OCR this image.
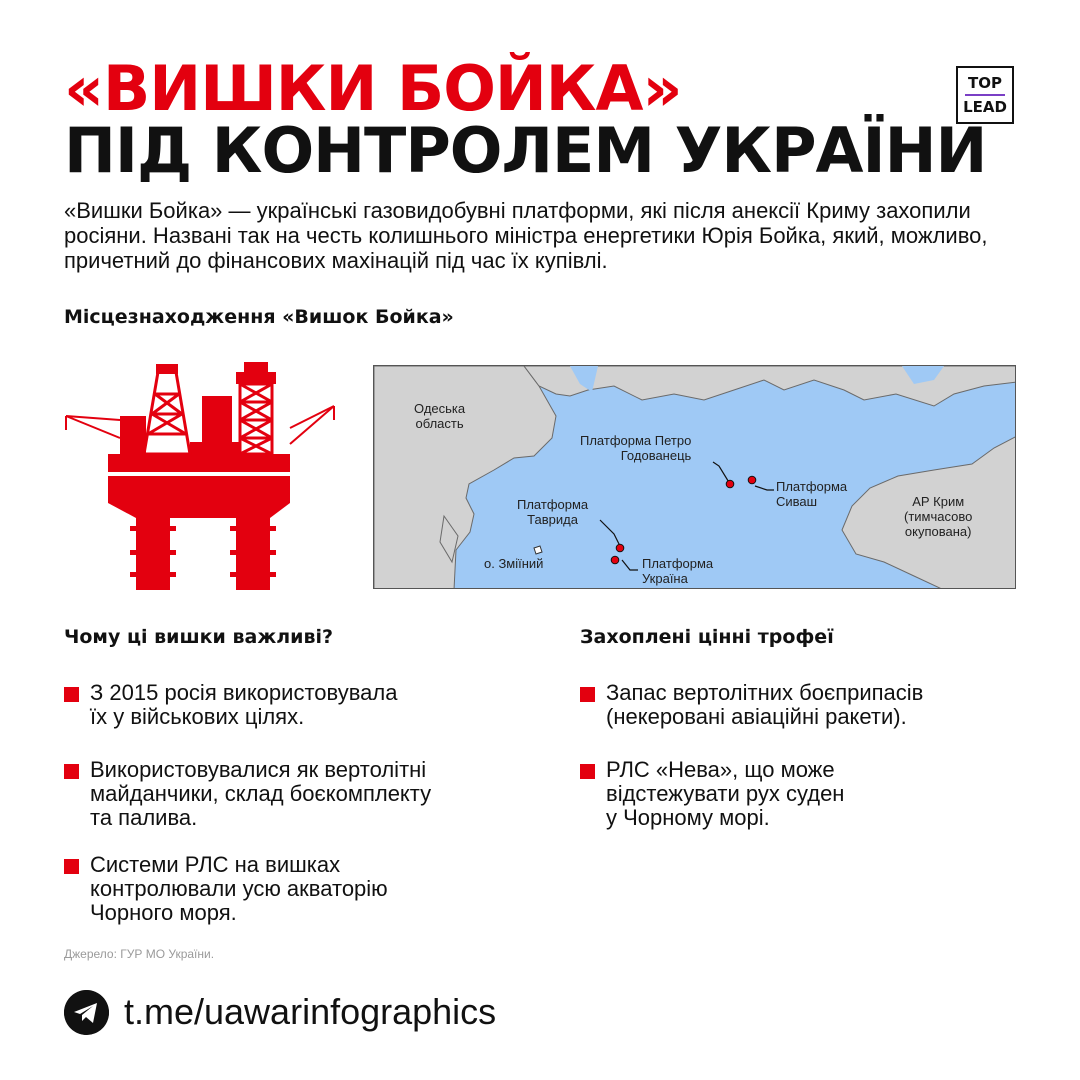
«ВИШКИ БОЙКА»
ПІД КОНТРОЛЕМ УКРАЇНИ
TOP
LEAD

«Вишки Бойка» — українські газовидобувні платформи, які після анексії Криму захопили росіяни. Названі так на честь колишнього міністра енергетики Юрія Бойка, який, можливо, причетний до фінансових махінацій під час їх купівлі.

Місцезнаходження «Вишок Бойка»
Одеська
область
Платформа Петро
Годованець
Платформа
Сиваш
Платформа
Таврида
Платформа
Україна
о. Зміїний
АР Крим
(тимчасово
окупована)
Чому ці вишки важливі?
З 2015 росія використовувала
їх у військових цілях.
Використовувалися як вертолітні
майданчики, склад боєкомплекту
та палива.
Системи РЛС на вишках
контролювали усю акваторію
Чорного моря.
Захоплені цінні трофеї
Запас вертолітних боєприпасів
(некеровані авіаційні ракети).
РЛС «Нева», що може
відстежувати рух суден
у Чорному морі.
Джерело: ГУР МО України.
t.me/uawarinfographics
